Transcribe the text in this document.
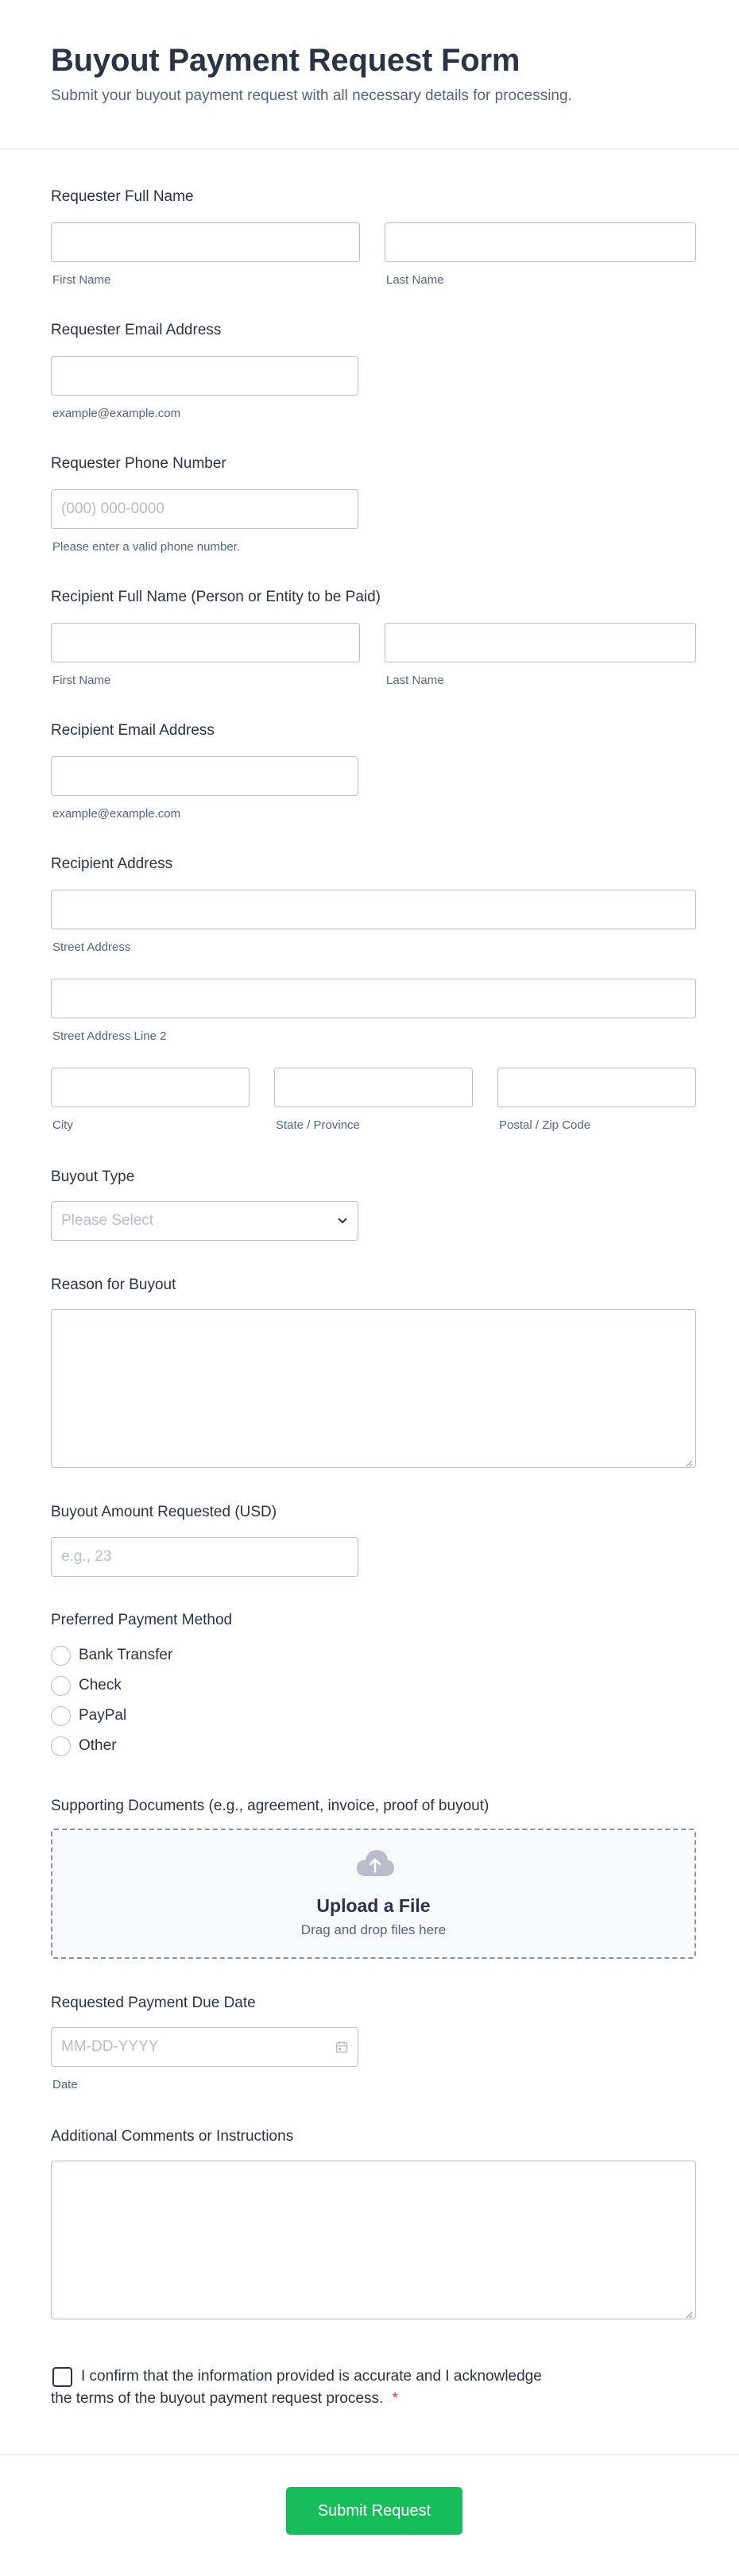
Buyout Payment Request Form

Submit your buyout payment request with all necessary details for processing.

Requester Full Name
First Name	Last Name
Requester Email Address
example@example.com
Requester Phone Number
(000) 000-0000
Please enter a valid phone number.
Recipient Full Name (Person or Entity to be Paid)
First Name	Last Name
Recipient Email Address
example@example.com
Recipient Address
Street Address
Street Address Line 2
City	State / Province	Postal / Zip Code
Buyout Type
Please Select
Reason for Buyout
Buyout Amount Requested (USD)
e.g., 23
Preferred Payment Method
Bank Transfer
Check
PayPal
Other
Supporting Documents (e.g., agreement, invoice, proof of buyout)
Upload a File
Drag and drop files here
Requested Payment Due Date
MM-DD-YYYY
Date
Additional Comments or Instructions
I confirm that the information provided is accurate and I acknowledge
the terms of the buyout payment request process. *
Submit Request
